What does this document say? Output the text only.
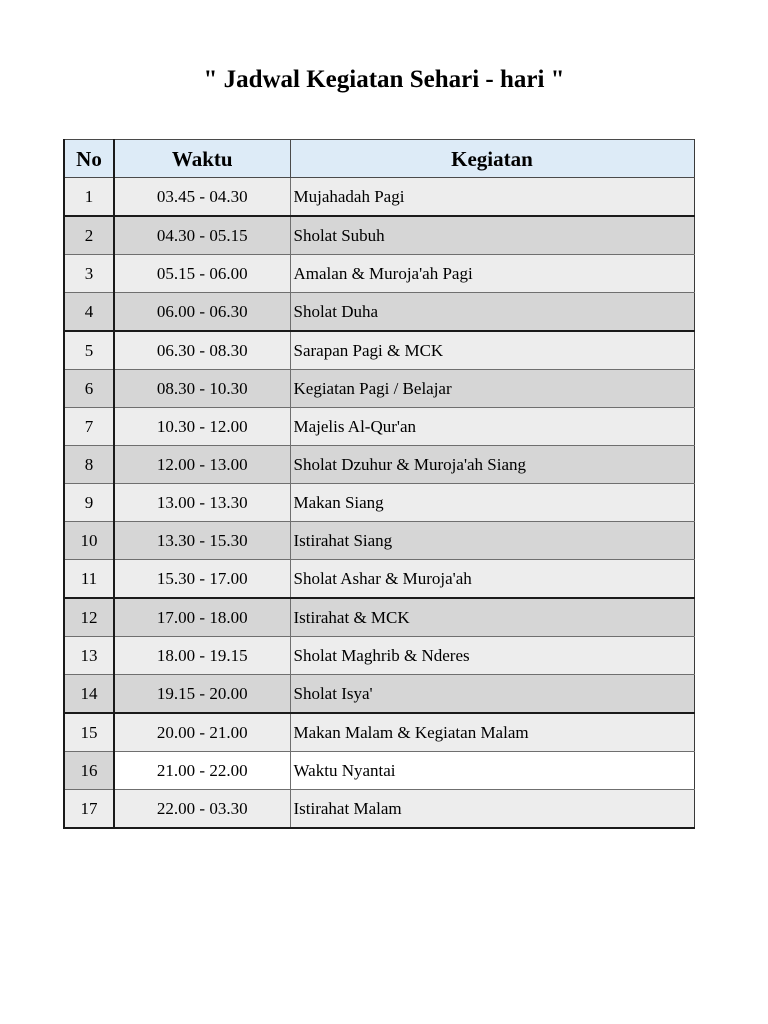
" Jadwal Kegiatan Sehari - hari "
No	Waktu	Kegiatan
1	03.45 - 04.30	Mujahadah Pagi
2	04.30 - 05.15	Sholat Subuh
3	05.15 - 06.00	Amalan & Muroja'ah Pagi
4	06.00 - 06.30	Sholat Duha
5	06.30 - 08.30	Sarapan Pagi & MCK
6	08.30 - 10.30	Kegiatan Pagi / Belajar
7	10.30 - 12.00	Majelis Al-Qur'an
8	12.00 - 13.00	Sholat Dzuhur & Muroja'ah Siang
9	13.00 - 13.30	Makan Siang
10	13.30 - 15.30	Istirahat Siang
11	15.30 - 17.00	Sholat Ashar & Muroja'ah
12	17.00 - 18.00	Istirahat & MCK
13	18.00 - 19.15	Sholat Maghrib & Nderes
14	19.15 - 20.00	Sholat Isya'
15	20.00 - 21.00	Makan Malam & Kegiatan Malam
16	21.00 - 22.00	Waktu Nyantai
17	22.00 - 03.30	Istirahat Malam
